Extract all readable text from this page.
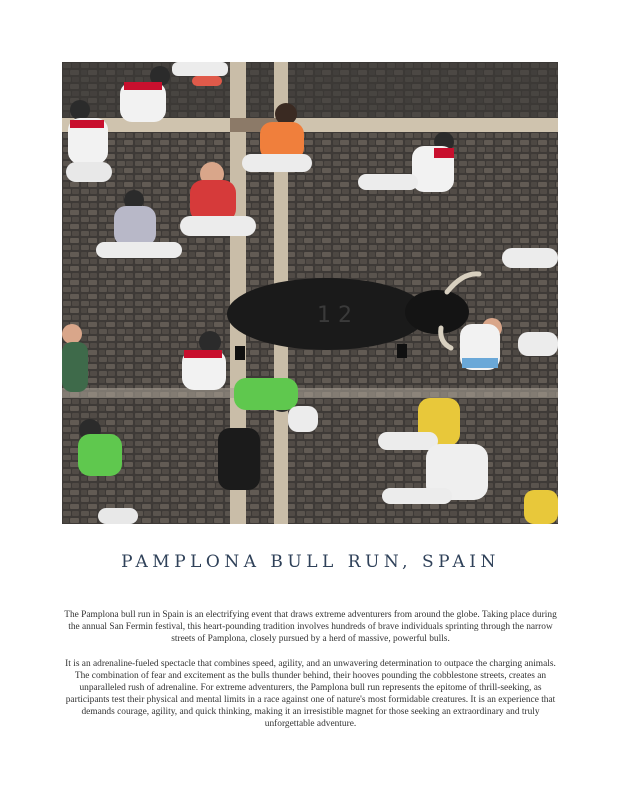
1 2
PAMPLONA BULL RUN, SPAIN

The Pamplona bull run in Spain is an electrifying event that draws extreme adventurers from around the globe. Taking place during the annual San Fermin festival, this heart-pounding tradition involves hundreds of brave individuals sprinting through the narrow streets of Pamplona, closely pursued by a herd of massive, powerful bulls.

It is an adrenaline-fueled spectacle that combines speed, agility, and an unwavering determination to outpace the charging animals. The combination of fear and excitement as the bulls thunder behind, their hooves pounding the cobblestone streets, creates an unparalleled rush of adrenaline. For extreme adventurers, the Pamplona bull run represents the epitome of thrill-seeking, as participants test their physical and mental limits in a race against one of nature's most formidable creatures. It is an experience that demands courage, agility, and quick thinking, making it an irresistible magnet for those seeking an extraordinary and truly unforgettable adventure.
